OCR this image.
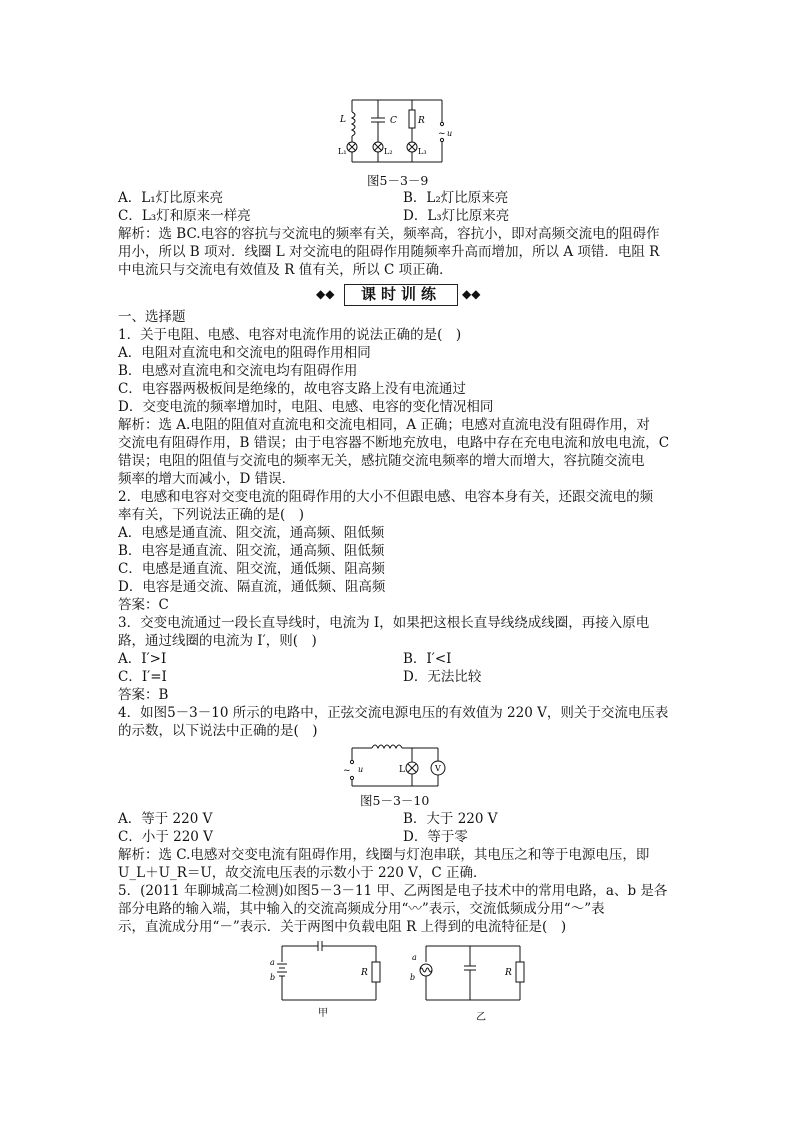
L	C R
~ u
L₁	L₂	L₃
图5－3－9
A．L₁灯比原来亮	B．L₂灯比原来亮
C．L₃灯和原来一样亮	D．L₃灯比原来亮
解析：选 BC.电容的容抗与交流电的频率有关，频率高，容抗小，即对高频交流电的阻碍作
用小，所以 B 项对．线圈 L 对交流电的阻碍作用随频率升高而增加，所以 A 项错．电阻 R
中电流只与交流电有效值及 R 值有关，所以 C 项正确．
◆◆	课时训练	◆◆
一、选择题
1．关于电阻、电感、电容对电流作用的说法正确的是(　)
A．电阻对直流电和交流电的阻碍作用相同
B．电感对直流电和交流电均有阻碍作用
C．电容器两极板间是绝缘的，故电容支路上没有电流通过
D．交变电流的频率增加时，电阻、电感、电容的变化情况相同
解析：选 A.电阻的阻值对直流电和交流电相同，A 正确；电感对直流电没有阻碍作用，对
交流电有阻碍作用，B 错误；由于电容器不断地充放电，电路中存在充电电流和放电电流，C
错误；电阻的阻值与交流电的频率无关，感抗随交流电频率的增大而增大，容抗随交流电
频率的增大而减小，D 错误．
2．电感和电容对交变电流的阻碍作用的大小不但跟电感、电容本身有关，还跟交流电的频
率有关，下列说法正确的是(　)
A．电感是通直流、阻交流，通高频、阻低频
B．电容是通直流、阻交流，通高频、阻低频
C．电感是通直流、阻交流，通低频、阻高频
D．电容是通交流、隔直流，通低频、阻高频
答案：C
3．交变电流通过一段长直导线时，电流为 I，如果把这根长直导线绕成线圈，再接入原电
路，通过线圈的电流为 I′，则(　)
A．I′>I	B．I′<I
C．I′=I	D．无法比较
答案：B
4．如图5－3－10 所示的电路中，正弦交流电源电压的有效值为 220 V，则关于交流电压表
的示数，以下说法中正确的是(　)
~ u	L	V
图5－3－10
A．等于 220 V	B．大于 220 V
C．小于 220 V	D．等于零
解析：选 C.电感对交变电流有阻碍作用，线圈与灯泡串联，其电压之和等于电源电压，即
U_L＋U_R＝U，故交流电压表的示数小于 220 V，C 正确．
5．(2011 年聊城高二检测)如图5－3－11 甲、乙两图是电子技术中的常用电路，a、b 是各
部分电路的输入端，其中输入的交流高频成分用“〰”表示，交流低频成分用“～”表
示，直流成分用“－”表示．关于两图中负载电阻 R 上得到的电流特征是(　)
a
b	R
甲
a
b	R
乙
